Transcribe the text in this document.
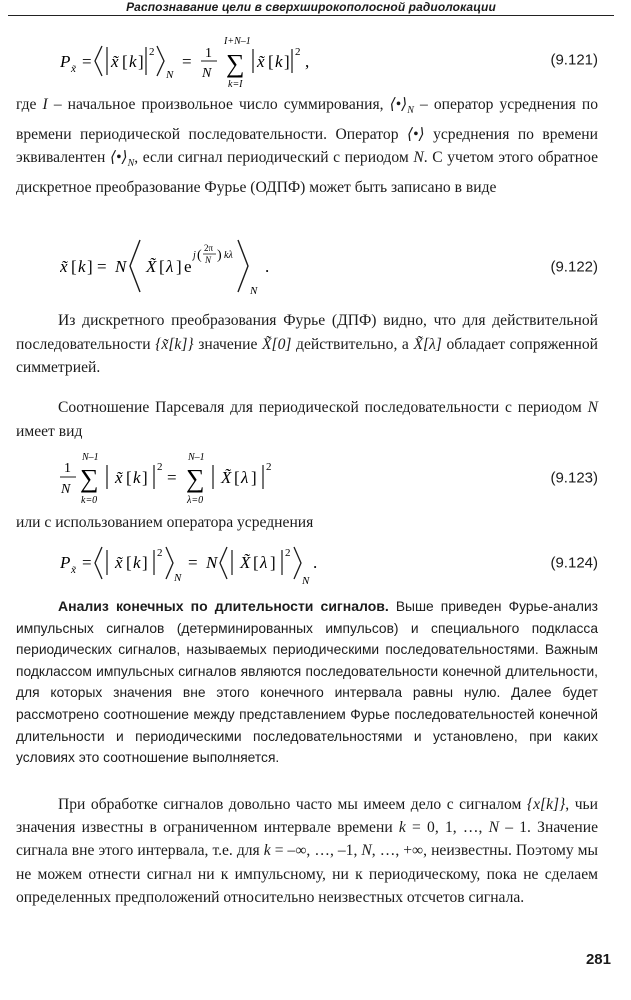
Распознавание цели в сверхширокополосной радиолокации
P x̃ = x̃ [ k ] 2
N
= 1
N
I+N–1
∑
k=I
x̃ [ k ] 2 ,	(9.121)

где I – начальное произвольное число суммирования, $⟨•⟩_N$ – оператор усреднения по времени периодической последовательности. Оператор ⟨•⟩ усреднения по времени эквивалентен $⟨•⟩_N$, если сигнал периодический с периодом N. С учетом этого обратное дискретное преобразование Фурье (ОДПФ) может быть записано в виде

x̃ [ k ] = N X̃ [ λ ] e
j ( 2π
N ) kλ
N
.	(9.122)

Из дискретного преобразования Фурье (ДПФ) видно, что для действительной последовательности {x̃[k]} значение X̃[0] действительно, а X̃[λ] обладает сопряженной симметрией.

Соотношение Парсеваля для периодической последовательности с периодом N имеет вид

1
N
N–1
∑
k=0
x̃ [ k ]
2
=
N–1
∑
λ=0
X̃ [ λ ]
2
(9.123)

или с использованием оператора усреднения

P x̃ = x̃ [ k ] 2
N
= N X̃ [ λ ] 2
N
.	(9.124)

Анализ конечных по длительности сигналов. Выше приведен Фурье-анализ импульсных сигналов (детерминированных импульсов) и специального подкласса периодических сигналов, называемых периодическими последовательностями. Важным подклассом импульсных сигналов являются последовательности конечной длительности, для которых значения вне этого конечного интервала равны нулю. Далее будет рассмотрено соотношение между представлением Фурье последовательностей конечной длительности и периодическими последовательностями и установлено, при каких условиях это соотношение выполняется.

При обработке сигналов довольно часто мы имеем дело с сигналом {x[k]}, чьи значения известны в ограниченном интервале времени k = 0, 1, …, N – 1. Значение сигнала вне этого интервала, т.е. для k = –∞, …, –1, N, …, +∞, неизвестны. Поэтому мы не можем отнести сигнал ни к импульсному, ни к периодическому, пока не сделаем определенных предположений относительно неизвестных отсчетов сигнала.

281
